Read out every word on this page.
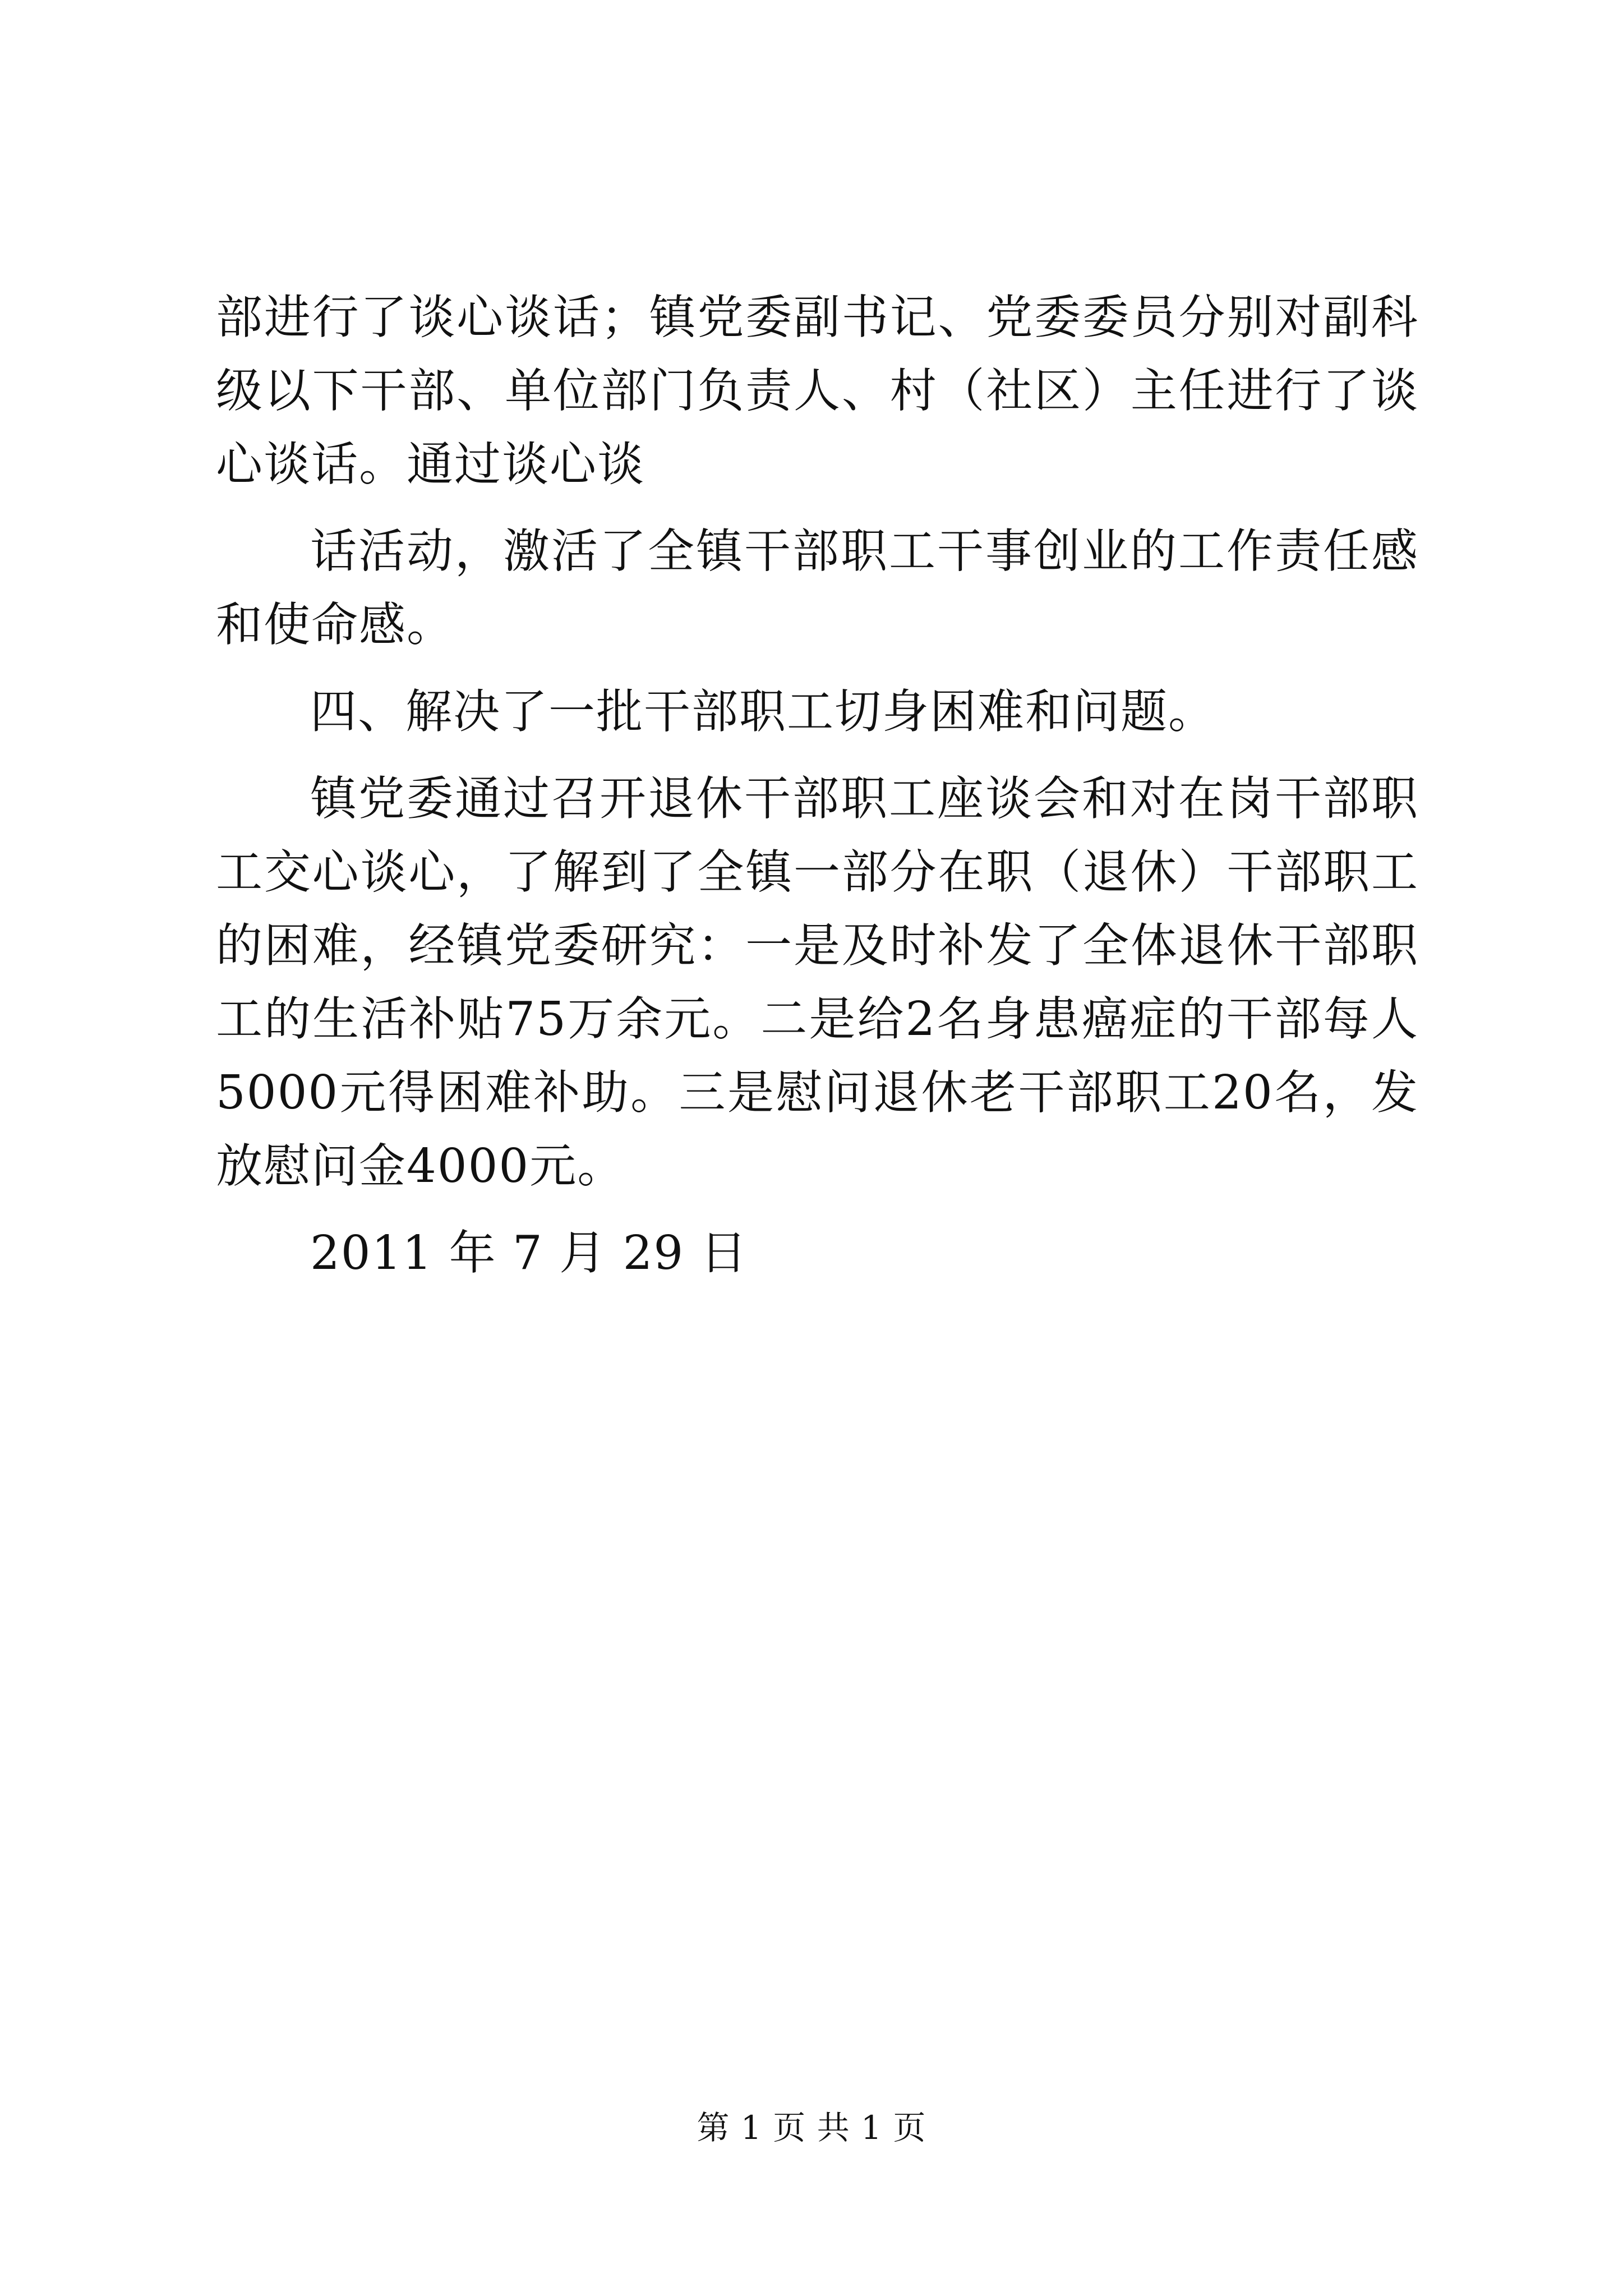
部进行了谈心谈话；镇党委副书记、党委委员分别对副科级以下干部、单位部门负责人、村（社区）主任进行了谈心谈话。通过谈心谈

话活动，激活了全镇干部职工干事创业的工作责任感和使命感。

四、解决了一批干部职工切身困难和问题。

镇党委通过召开退休干部职工座谈会和对在岗干部职工交心谈心，了解到了全镇一部分在职（退休）干部职工的困难，经镇党委研究：一是及时补发了全体退休干部职工的生活补贴75万余元。二是给2名身患癌症的干部每人5000元得困难补助。三是慰问退休老干部职工20名，发放慰问金4000元。

2011 年 7 月 29 日

第 1 页 共 1 页
